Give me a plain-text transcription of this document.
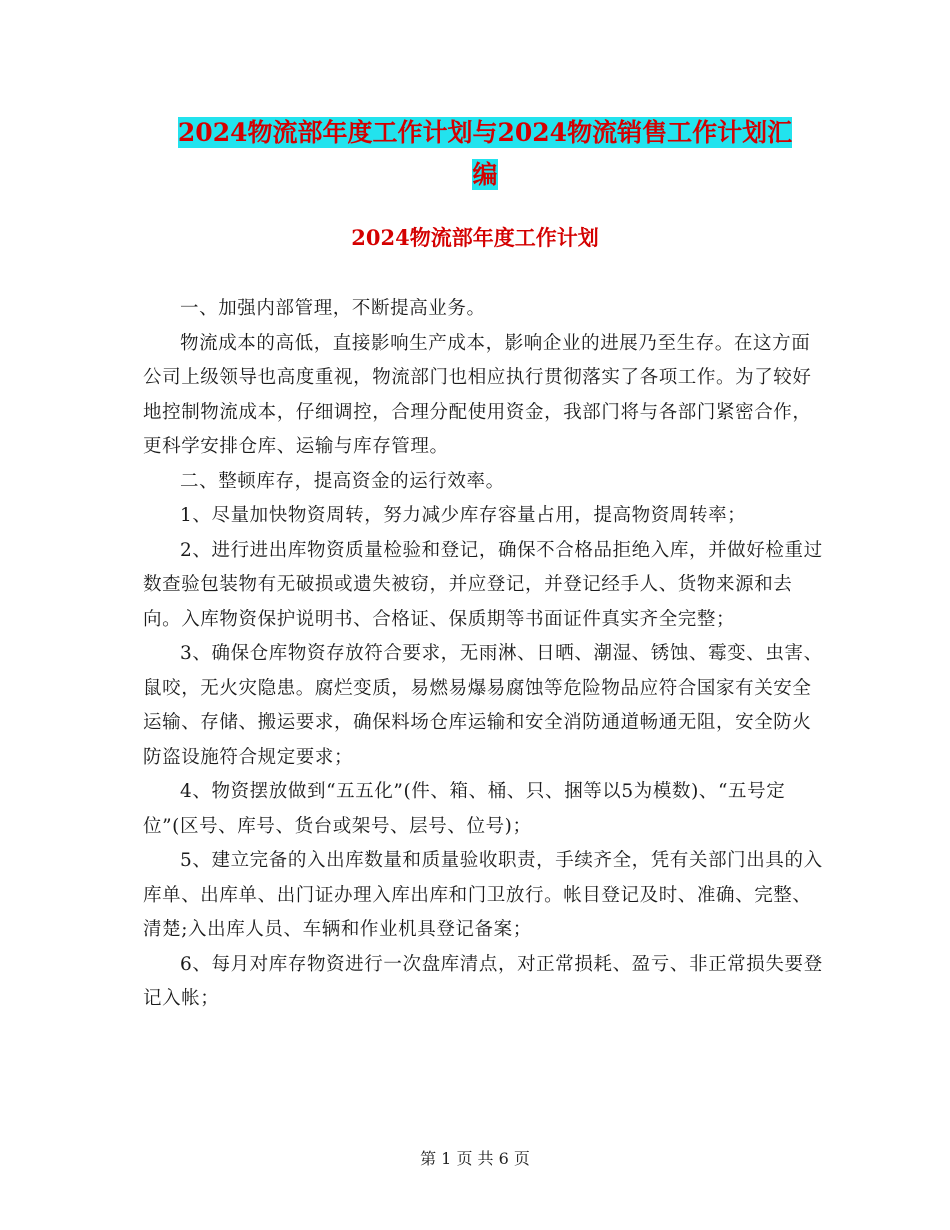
2024物流部年度工作计划与2024物流销售工作计划汇
编
2024物流部年度工作计划

一、加强内部管理，不断提高业务。

物流成本的高低，直接影响生产成本，影响企业的进展乃至生存。在这方面公司上级领导也高度重视，物流部门也相应执行贯彻落实了各项工作。为了较好地控制物流成本，仔细调控，合理分配使用资金，我部门将与各部门紧密合作，更科学安排仓库、运输与库存管理。

二、整顿库存，提高资金的运行效率。

1、尽量加快物资周转，努力减少库存容量占用，提高物资周转率；

2、进行进出库物资质量检验和登记，确保不合格品拒绝入库，并做好检重过数查验包装物有无破损或遗失被窃，并应登记，并登记经手人、货物来源和去向。入库物资保护说明书、合格证、保质期等书面证件真实齐全完整；

3、确保仓库物资存放符合要求，无雨淋、日晒、潮湿、锈蚀、霉变、虫害、鼠咬，无火灾隐患。腐烂变质，易燃易爆易腐蚀等危险物品应符合国家有关安全运输、存储、搬运要求，确保料场仓库运输和安全消防通道畅通无阻，安全防火防盗设施符合规定要求；

4、物资摆放做到“五五化”(件、箱、桶、只、捆等以5为模数)、“五号定位”(区号、库号、货台或架号、层号、位号)；

5、建立完备的入出库数量和质量验收职责，手续齐全，凭有关部门出具的入库单、出库单、出门证办理入库出库和门卫放行。帐目登记及时、准确、完整、清楚;入出库人员、车辆和作业机具登记备案；

6、每月对库存物资进行一次盘库清点，对正常损耗、盈亏、非正常损失要登记入帐；

第 1 页 共 6 页
